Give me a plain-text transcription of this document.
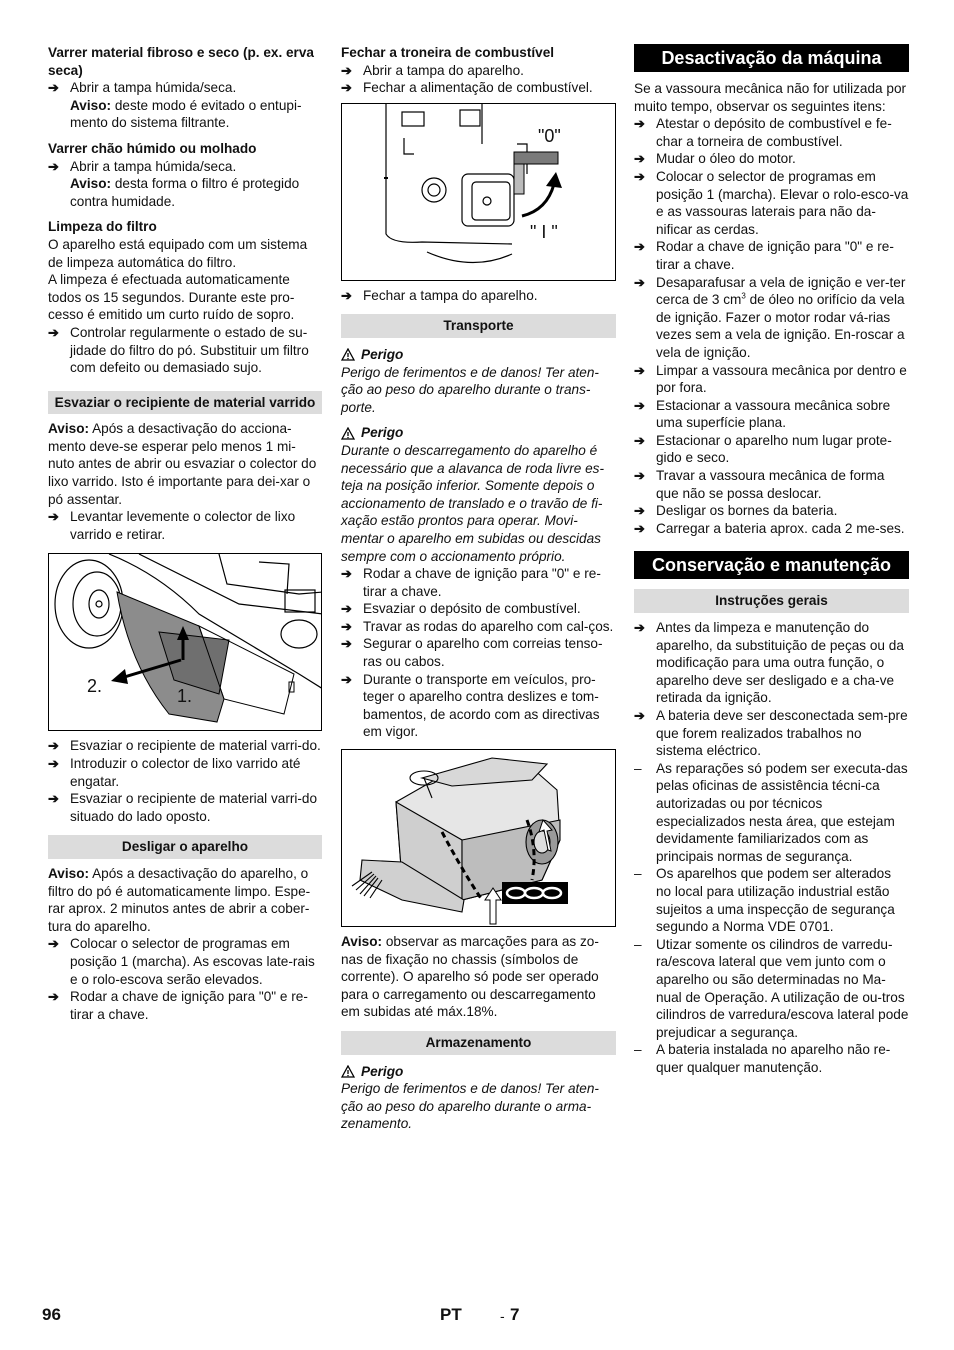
Varrer material fibroso e seco (p. ex. erva seca)
➔ Abrir a tampa húmida/seca.
Aviso: deste modo é evitado o entupi-mento do sistema filtrante.
Varrer chão húmido ou molhado
➔ Abrir a tampa húmida/seca.
Aviso: desta forma o filtro é protegido contra humidade.
Limpeza do filtro
O aparelho está equipado com um sistema de limpeza automática do filtro.
A limpeza é efectuada automaticamente todos os 15 segundos. Durante este pro-cesso é emitido um curto ruído de sopro.
➔ Controlar regularmente o estado de su-jidade do filtro do pó. Substituir um filtro com defeito ou demasiado sujo.
Esvaziar o recipiente de material varrido
Aviso: Após a desactivação do acciona-mento deve-se esperar pelo menos 1 mi-nuto antes de abrir ou esvaziar o colector do lixo varrido. Isto é importante para dei-xar o pó assentar.
➔ Levantar levemente o colector de lixo varrido e retirar.
2.	1.
➔ Esvaziar o recipiente de material varri-do.
➔ Introduzir o colector de lixo varrido até engatar.
➔ Esvaziar o recipiente de material varri-do situado do lado oposto.
Desligar o aparelho
Aviso: Após a desactivação do aparelho, o filtro do pó é automaticamente limpo. Espe-rar aprox. 2 minutos antes de abrir a cober-tura do aparelho.
➔ Colocar o selector de programas em posição 1 (marcha). As escovas late-rais e o rolo-escova serão elevados.
➔ Rodar a chave de ignição para "0" e re-tirar a chave.
Fechar a troneira de combustível
➔ Abrir a tampa do aparelho.
➔ Fechar a alimentação de combustível.
"0"
" I "
➔ Fechar a tampa do aparelho.
Transporte
Perigo
Perigo de ferimentos e de danos! Ter aten-ção ao peso do aparelho durante o trans-porte.
Perigo
Durante o descarregamento do aparelho é necessário que a alavanca de roda livre es-teja na posição inferior. Somente depois o accionamento de translado e o travão de fi-xação estão prontos para operar. Movi-mentar o aparelho em subidas ou descidas sempre com o accionamento próprio.
➔ Rodar a chave de ignição para "0" e re-tirar a chave.
➔ Esvaziar o depósito de combustível.
➔ Travar as rodas do aparelho com cal-ços.
➔ Segurar o aparelho com correias tenso-ras ou cabos.
➔ Durante o transporte em veículos, pro-teger o aparelho contra deslizes e tom-bamentos, de acordo com as directivas em vigor.
Aviso: observar as marcações para as zo-nas de fixação no chassis (símbolos de corrente). O aparelho só pode ser operado para o carregamento ou descarregamento em subidas até máx.18%.
Armazenamento
Perigo
Perigo de ferimentos e de danos! Ter aten-ção ao peso do aparelho durante o arma-zenamento.
Desactivação da máquina
Se a vassoura mecânica não for utilizada por muito tempo, observar os seguintes itens:
➔ Atestar o depósito de combustível e fe-char a torneira de combustível.
➔ Mudar o óleo do motor.
➔ Colocar o selector de programas em posição 1 (marcha). Elevar o rolo-esco-va e as vassouras laterais para não da-nificar as cerdas.
➔ Rodar a chave de ignição para "0" e re-tirar a chave.
➔ Desaparafusar a vela de ignição e ver-ter cerca de 3 $cm^3$ de óleo no orifício da vela de ignição. Fazer o motor rodar vá-rias vezes sem a vela de ignição. En-roscar a vela de ignição.
➔ Limpar a vassoura mecânica por dentro e por fora.
➔ Estacionar a vassoura mecânica sobre uma superfície plana.
➔ Estacionar o aparelho num lugar prote-gido e seco.
➔ Travar a vassoura mecânica de forma que não se possa deslocar.
➔ Desligar os bornes da bateria.
➔ Carregar a bateria aprox. cada 2 me-ses.
Conservação e manutenção
Instruções gerais
➔ Antes da limpeza e manutenção do aparelho, da substituição de peças ou da modificação para uma outra função, o aparelho deve ser desligado e a cha-ve retirada da ignição.
➔ A bateria deve ser desconectada sem-pre que forem realizados trabalhos no sistema eléctrico.
– As reparações só podem ser executa-das pelas oficinas de assistência técni-ca autorizadas ou por técnicos especializados nesta área, que estejam devidamente familiarizados com as principais normas de segurança.
– Os aparelhos que podem ser alterados no local para utilização industrial estão sujeitos a uma inspecção de segurança segundo a Norma VDE 0701.
– Utizar somente os cilindros de varredu-ra/escova lateral que vem junto com o aparelho ou são determinadas no Ma-nual de Operação. A utilização de ou-tros cilindros de varredura/escova lateral pode prejudicar a segurança.
– A bateria instalada no aparelho não re-quer qualquer manutenção.
96	PT	- 7
